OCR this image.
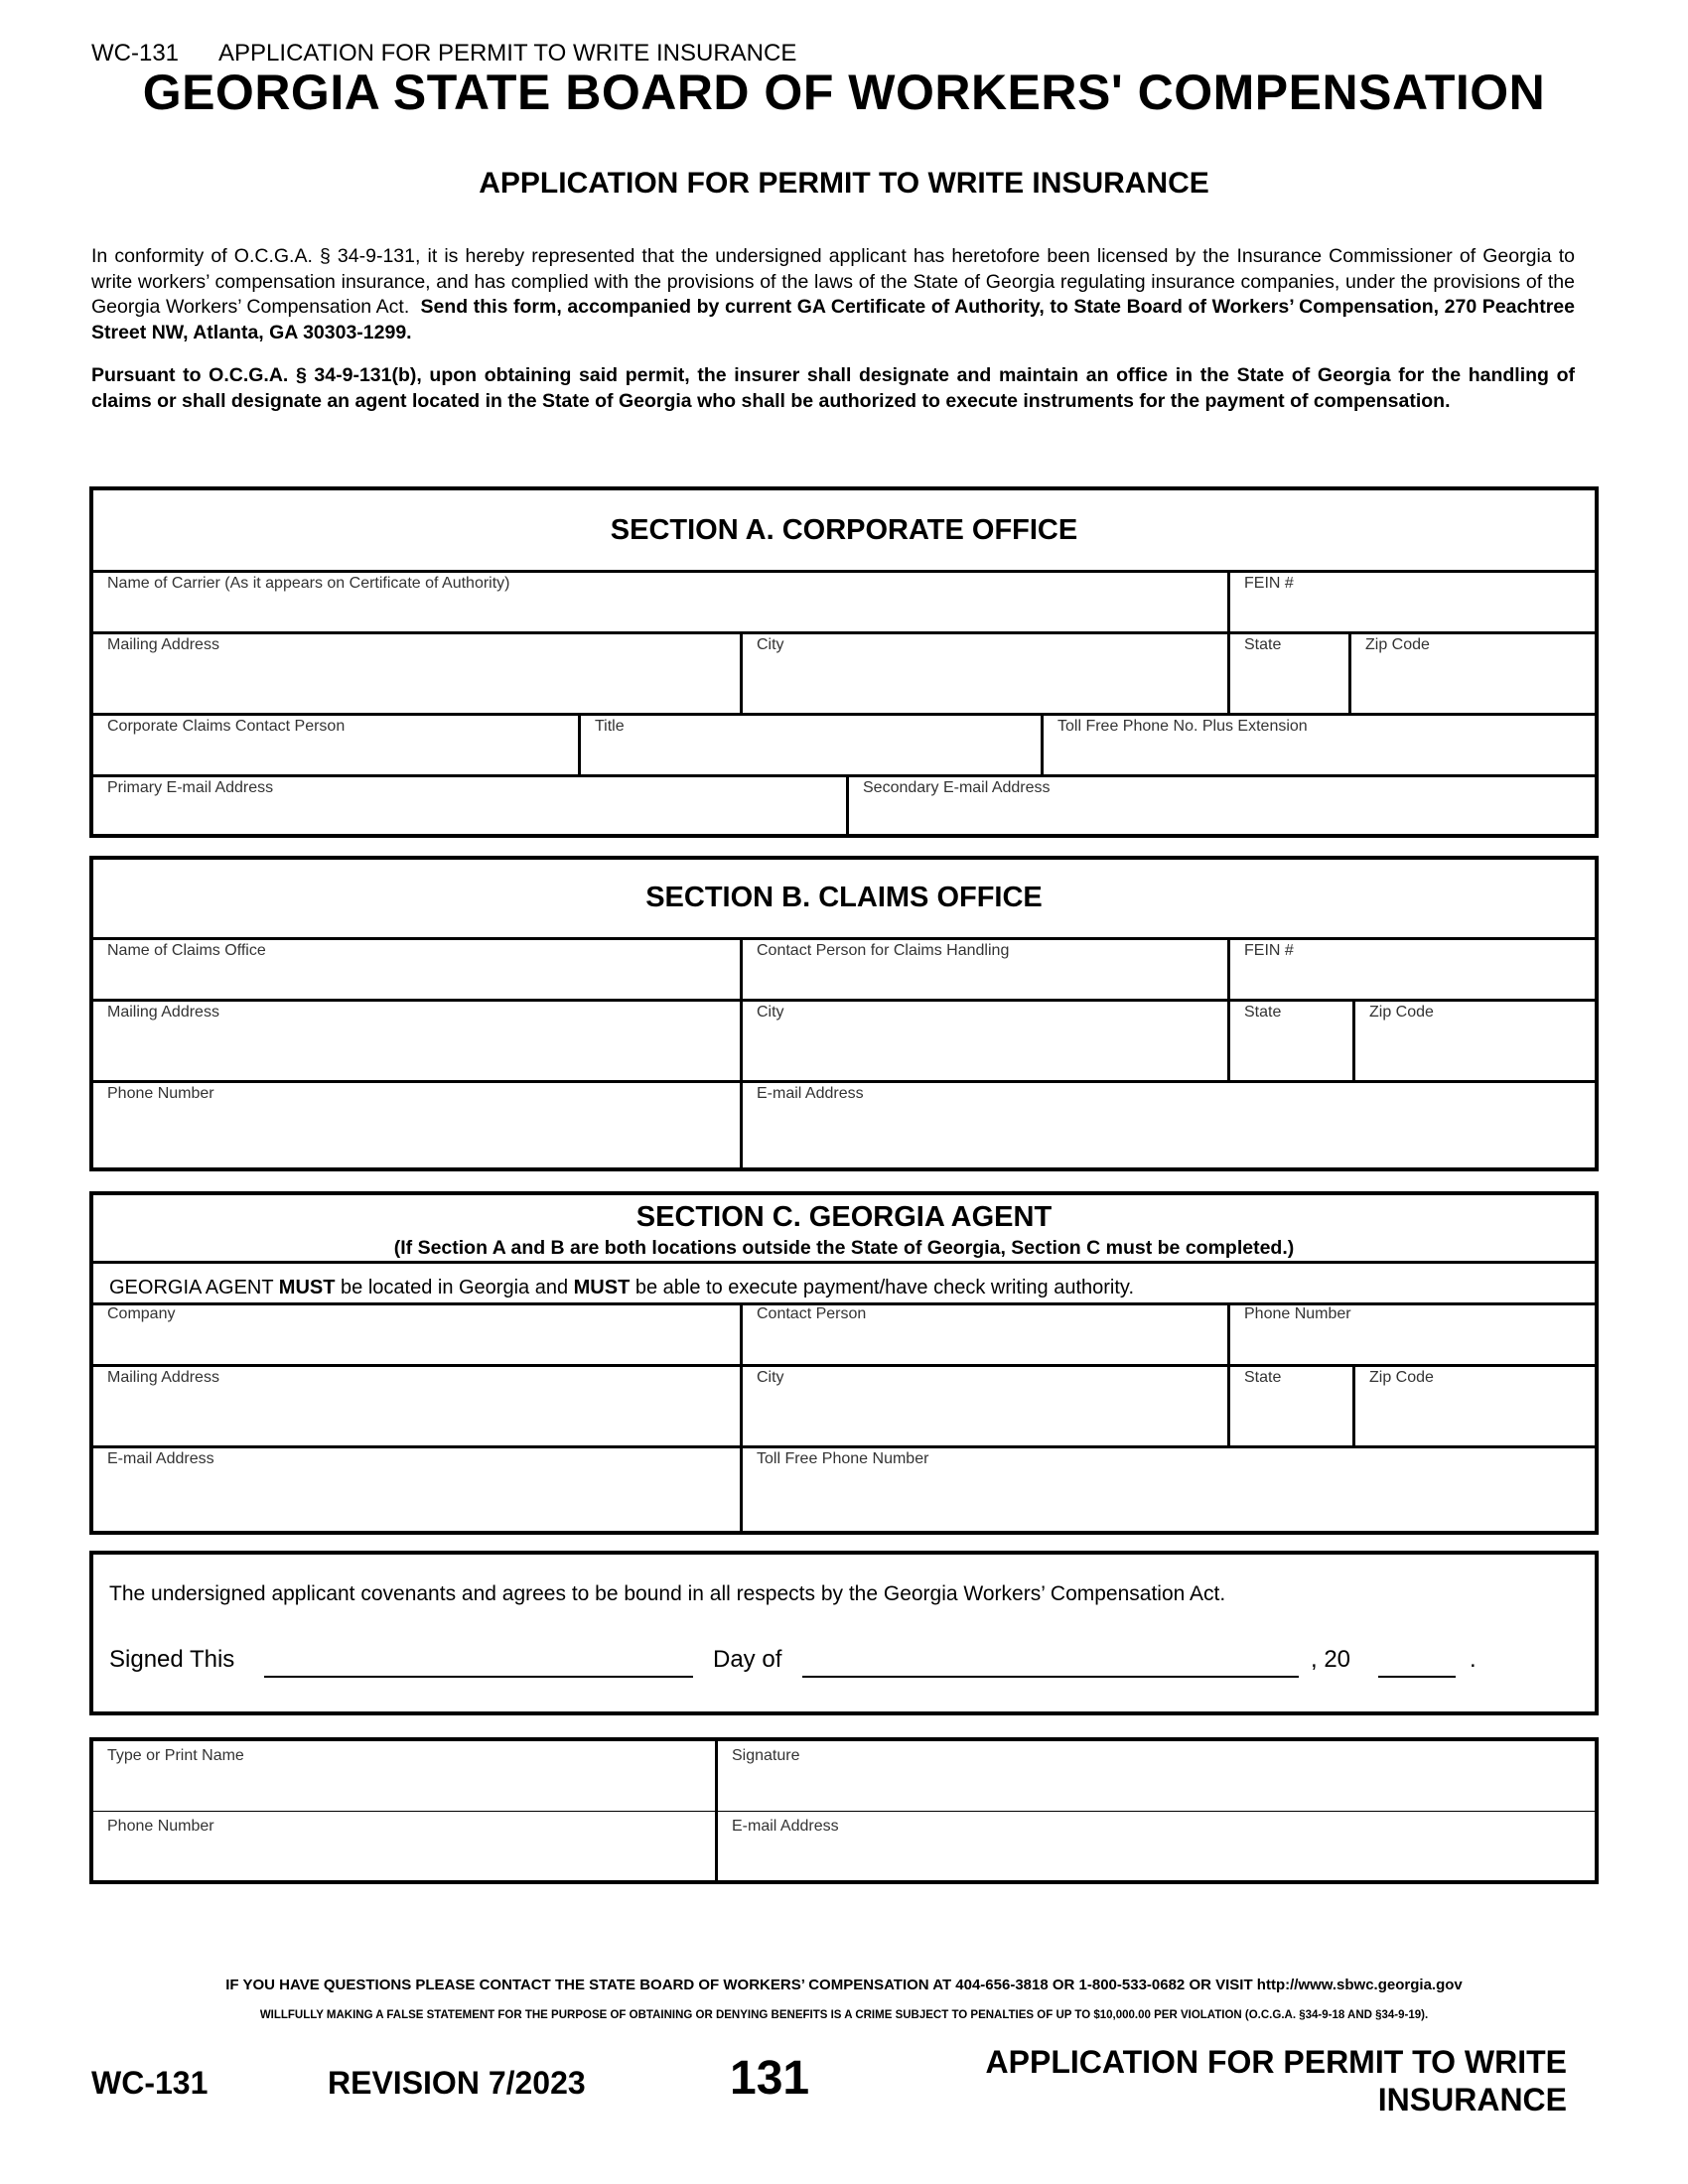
WC-131 APPLICATION FOR PERMIT TO WRITE INSURANCE
GEORGIA STATE BOARD OF WORKERS' COMPENSATION
APPLICATION FOR PERMIT TO WRITE INSURANCE
In conformity of O.C.G.A. § 34-9-131, it is hereby represented that the undersigned applicant has heretofore been licensed by the Insurance Commissioner of Georgia to write workers’ compensation insurance, and has complied with the provisions of the laws of the State of Georgia regulating insurance companies, under the provisions of the Georgia Workers’ Compensation Act. Send this form, accompanied by current GA Certificate of Authority, to State Board of Workers’ Compensation, 270 Peachtree Street NW, Atlanta, GA 30303-1299.
Pursuant to O.C.G.A. § 34-9-131(b), upon obtaining said permit, the insurer shall designate and maintain an office in the State of Georgia for the handling of claims or shall designate an agent located in the State of Georgia who shall be authorized to execute instruments for the payment of compensation.
SECTION A. CORPORATE OFFICE
Name of Carrier (As it appears on Certificate of Authority)	FEIN #
Mailing Address	City	State	Zip Code
Corporate Claims Contact Person	Title	Toll Free Phone No. Plus Extension
Primary E-mail Address	Secondary E-mail Address
SECTION B. CLAIMS OFFICE
Name of Claims Office	Contact Person for Claims Handling	FEIN #
Mailing Address	City	State	Zip Code
Phone Number	E-mail Address
SECTION C. GEORGIA AGENT
(If Section A and B are both locations outside the State of Georgia, Section C must be completed.)
GEORGIA AGENT MUST be located in Georgia and MUST be able to execute payment/have check writing authority.
Company	Contact Person	Phone Number
Mailing Address	City	State	Zip Code
E-mail Address	Toll Free Phone Number
The undersigned applicant covenants and agrees to be bound in all respects by the Georgia Workers’ Compensation Act.
Signed This	Day of	, 20	.
Type or Print Name	Signature
Phone Number	E-mail Address
IF YOU HAVE QUESTIONS PLEASE CONTACT THE STATE BOARD OF WORKERS’ COMPENSATION AT 404-656-3818 OR 1-800-533-0682 OR VISIT http://www.sbwc.georgia.gov
WILLFULLY MAKING A FALSE STATEMENT FOR THE PURPOSE OF OBTAINING OR DENYING BENEFITS IS A CRIME SUBJECT TO PENALTIES OF UP TO $10,000.00 PER VIOLATION (O.C.G.A. §34-9-18 AND §34-9-19).
WC-131	REVISION 7/2023	131	APPLICATION FOR PERMIT TO WRITE
INSURANCE
